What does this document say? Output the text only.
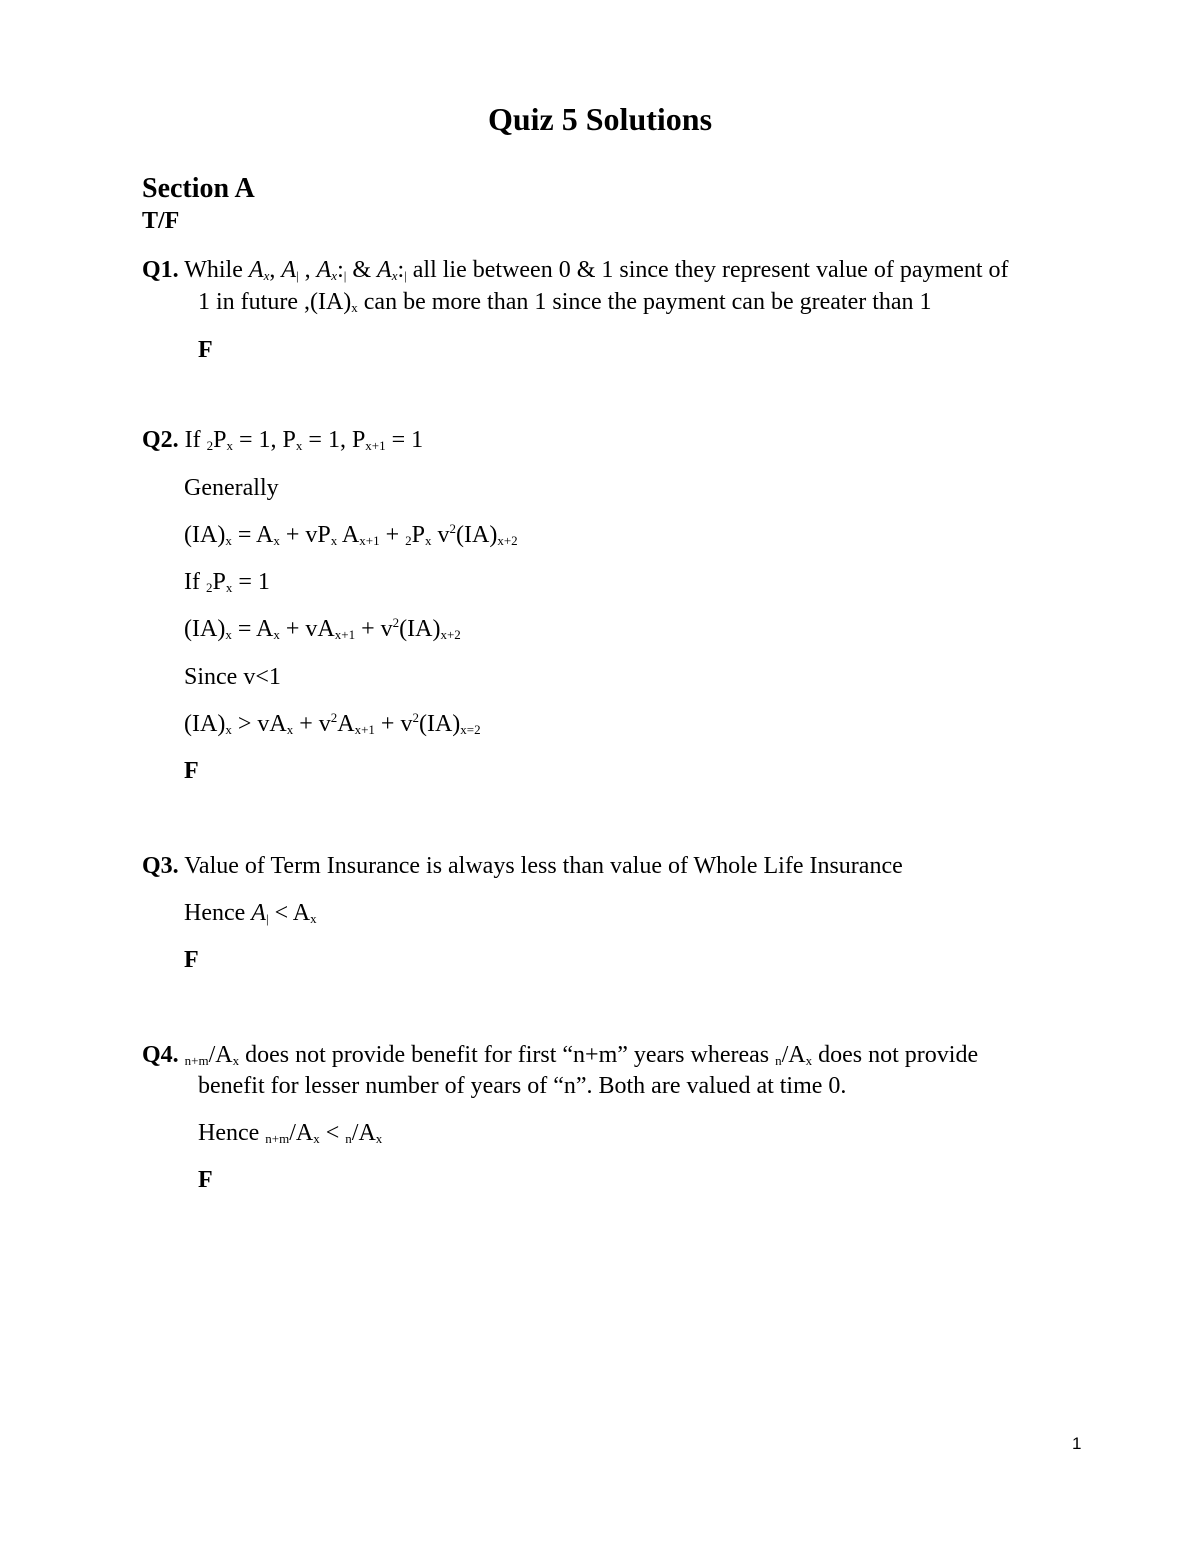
Quiz 5 Solutions
Section A
T/F
Q1. While $A_x$, $A_|$ , $A_x:_|$ & $A_x:_|$ all lie between 0 & 1 since they represent value of payment of
1 in future $,(IA)_x$ can be more than 1 since the payment can be greater than 1
F
Q2. If $_2P_x = 1$, $P_x = 1$, $P_{x+1} = 1$
Generally
$(IA)_x = A_x + vP_x$ $A_{x+1} + _2P_x$ $v^2(IA)_{x+2}$
If $_2P_x = 1$
$(IA)_x = A_x + vA_{x+1} + v^2(IA)_{x+2}$
Since v<1
$(IA)_x > vA_x + v^2A_{x+1} + v^2(IA)_{x=2}$
F
Q3. Value of Term Insurance is always less than value of Whole Life Insurance
Hence $A_| < A_x$
F
Q4. $_{n+m}/A_x$ does not provide benefit for first “n+m” years whereas $_n/A_x$ does not provide
benefit for lesser number of years of “n”. Both are valued at time 0.
Hence $_{n+m}/A_x < _n/A_x$
F
1
